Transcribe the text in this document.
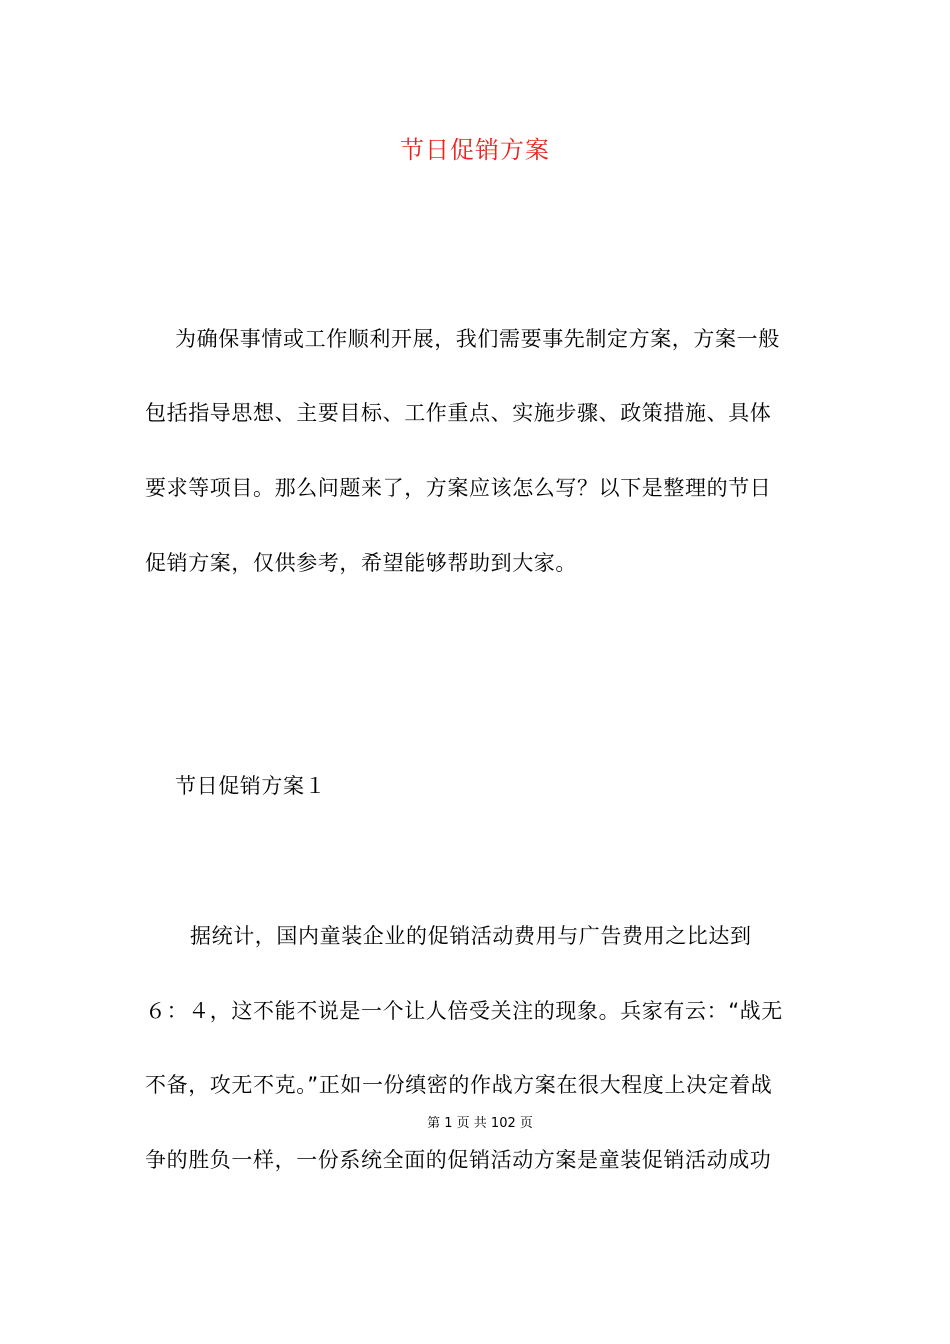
节日促销方案
为确保事情或工作顺利开展，我们需要事先制定方案，方案一般
包括指导思想、主要目标、工作重点、实施步骤、政策措施、具体
要求等项目。那么问题来了，方案应该怎么写？以下是整理的节日
促销方案，仅供参考，希望能够帮助到大家。
节日促销方案１
据统计，国内童装企业的促销活动费用与广告费用之比达到
６：４，这不能不说是一个让人倍受关注的现象。兵家有云：“战无
不备，攻无不克。”正如一份缜密的作战方案在很大程度上决定着战
第 1 页 共 102 页
争的胜负一样，一份系统全面的促销活动方案是童装促销活动成功
